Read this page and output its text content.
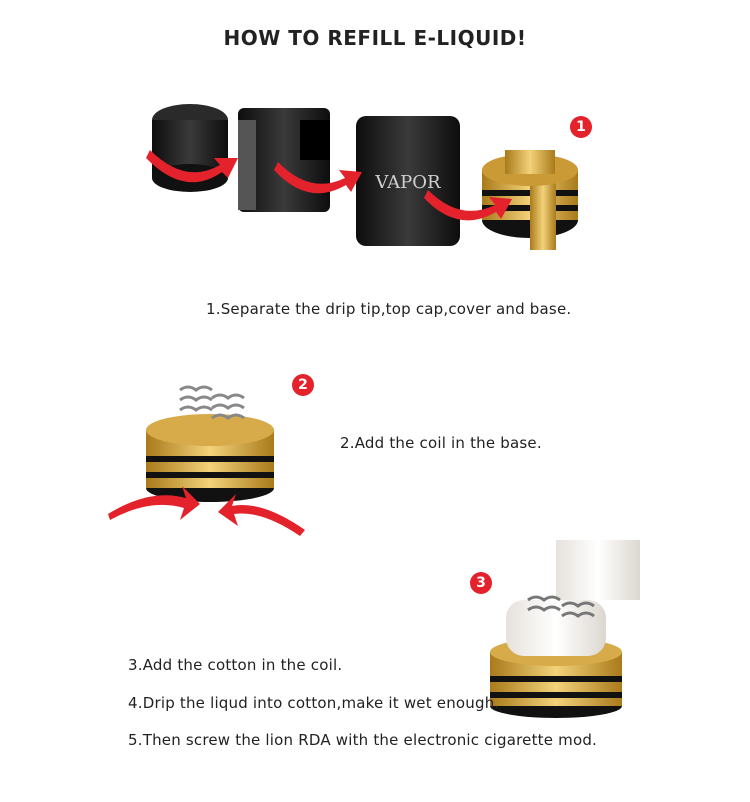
HOW TO REFILL E-LIQUID!
VAPOR
1
2
3
1.Separate the drip tip,top cap,cover and base.
2.Add the coil in the base.
3.Add the cotton in the coil.
4.Drip the liqud into cotton,make it wet enough.
5.Then screw the lion RDA with the electronic cigarette mod.
